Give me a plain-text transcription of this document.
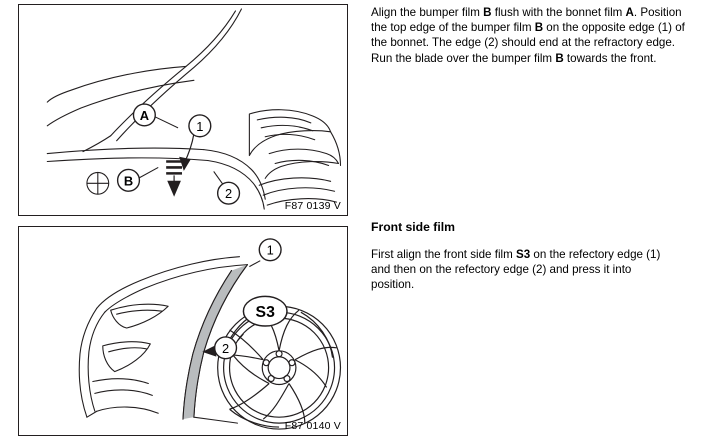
A
1
B
2
F87 0139 V
1
S3
2
F87 0140 V

Align the bumper film B flush with the bonnet film A. Position the top edge of the bumper film B on the opposite edge (1) of the bonnet. The edge (2) should end at the refractory edge. Run the blade over the bumper film B towards the front.

Front side film

First align the front side film S3 on the refectory edge (1) and then on the refectory edge (2) and press it into position.
